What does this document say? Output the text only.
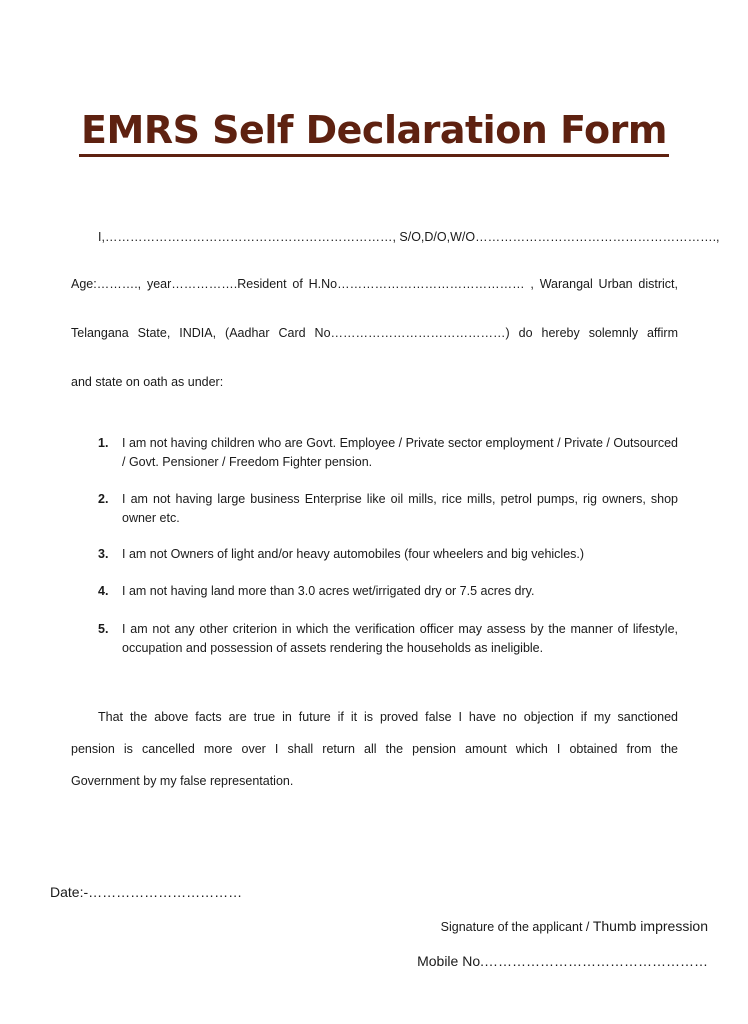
EMRS Self Declaration Form
I,……………………………………………………………, S/O,D/O,W/O………………………………………………….,
Age:………., year…………….Resident of H.No……………………………………… , Warangal Urban district,
Telangana State, INDIA, (Aadhar Card No……………………………………) do hereby solemnly affirm
and state on oath as under:
1.	I am not having children who are Govt. Employee / Private sector employment / Private / Outsourced / Govt. Pensioner / Freedom Fighter pension.
2.	I am not having large business Enterprise like oil mills, rice mills, petrol pumps, rig owners, shop owner etc.
3.	I am not Owners of light and/or heavy automobiles (four wheelers and big vehicles.)
4.	I am not having land more than 3.0 acres wet/irrigated dry or 7.5 acres dry.
5.	I am not any other criterion in which the verification officer may assess by the manner of lifestyle, occupation and possession of assets rendering the households as ineligible.
That the above facts are true in future if it is proved false I have no objection if my sanctioned
pension is cancelled more over I shall return all the pension amount which I obtained from the
Government by my false representation.
Date:-……………………………
Signature of the applicant / Thumb impression
Mobile No.…………………………………………
